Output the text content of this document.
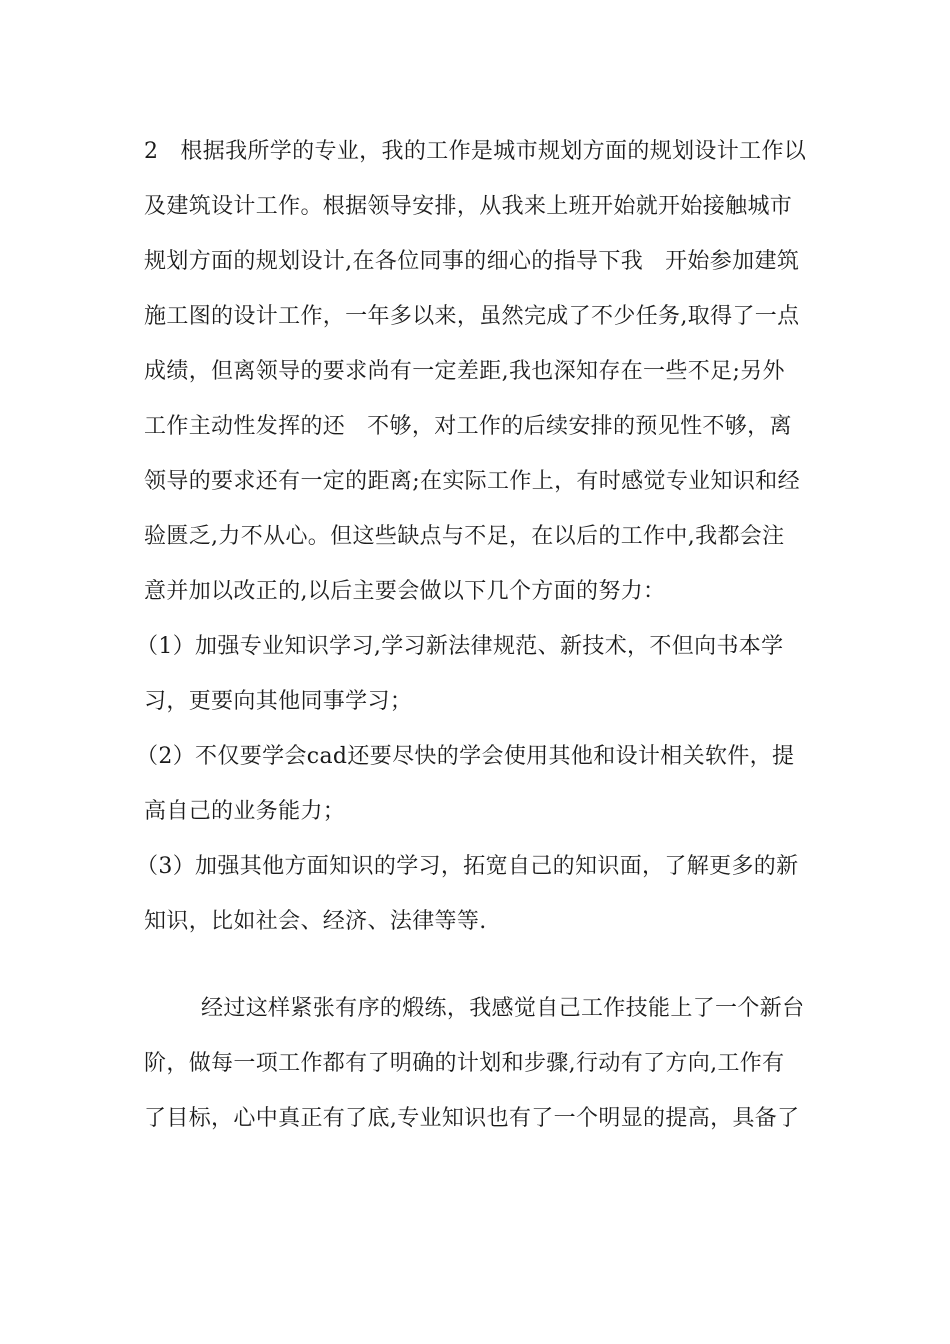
2   根据我所学的专业，我的工作是城市规划方面的规划设计工作以

及建筑设计工作。根据领导安排，从我来上班开始就开始接触城市

规划方面的规划设计,在各位同事的细心的指导下我   开始参加建筑

施工图的设计工作，一年多以来，虽然完成了不少任务,取得了一点

成绩，但离领导的要求尚有一定差距,我也深知存在一些不足;另外

工作主动性发挥的还   不够，对工作的后续安排的预见性不够，离

领导的要求还有一定的距离;在实际工作上，有时感觉专业知识和经

验匮乏,力不从心。但这些缺点与不足，在以后的工作中,我都会注

意并加以改正的,以后主要会做以下几个方面的努力：

（1）加强专业知识学习,学习新法律规范、新技术，不但向书本学

习，更要向其他同事学习；

（2）不仅要学会cad还要尽快的学会使用其他和设计相关软件，提

高自己的业务能力；

（3）加强其他方面知识的学习，拓宽自己的知识面，了解更多的新

知识，比如社会、经济、法律等等.

经过这样紧张有序的煅练，我感觉自己工作技能上了一个新台

阶，做每一项工作都有了明确的计划和步骤,行动有了方向,工作有

了目标，心中真正有了底,专业知识也有了一个明显的提高，具备了
